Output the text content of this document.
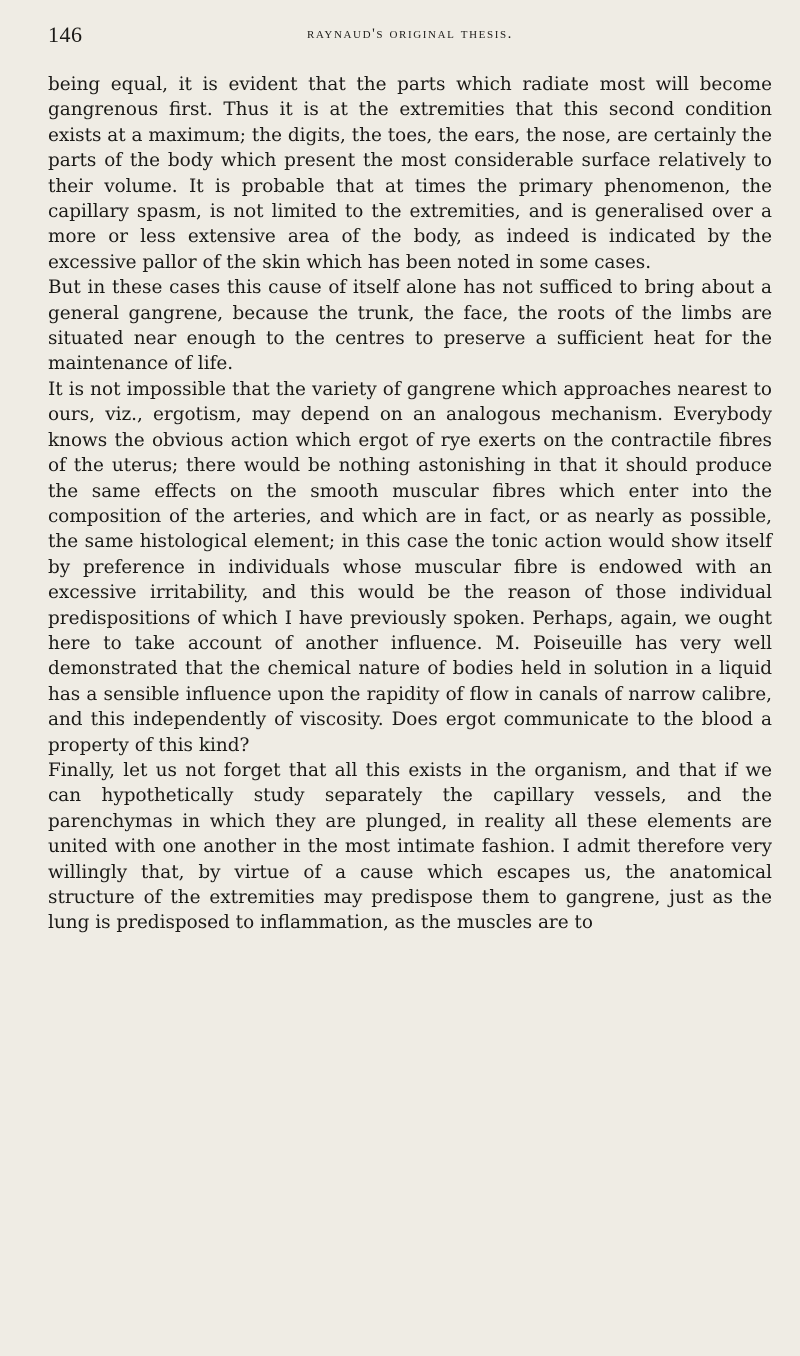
146	raynaud's original thesis.

being equal, it is evident that the parts which radiate most will become gangrenous first. Thus it is at the extremities that this second condition exists at a maximum; the digits, the toes, the ears, the nose, are certainly the parts of the body which present the most considerable surface relatively to their volume. It is probable that at times the primary phenomenon, the capillary spasm, is not limited to the extremities, and is generalised over a more or less extensive area of the body, as indeed is indicated by the excessive pallor of the skin which has been noted in some cases.

But in these cases this cause of itself alone has not sufficed to bring about a general gangrene, because the trunk, the face, the roots of the limbs are situated near enough to the centres to preserve a sufficient heat for the maintenance of life.

It is not impossible that the variety of gangrene which approaches nearest to ours, viz., ergotism, may depend on an analogous mechanism. Everybody knows the obvious action which ergot of rye exerts on the contractile fibres of the uterus; there would be nothing astonishing in that it should produce the same effects on the smooth muscular fibres which enter into the composition of the arteries, and which are in fact, or as nearly as possible, the same histological element; in this case the tonic action would show itself by preference in individuals whose muscular fibre is endowed with an excessive irritability, and this would be the reason of those individual predispositions of which I have previously spoken. Perhaps, again, we ought here to take account of another influence. M. Poiseuille has very well demonstrated that the chemical nature of bodies held in solution in a liquid has a sensible influence upon the rapidity of flow in canals of narrow calibre, and this independently of viscosity. Does ergot communicate to the blood a property of this kind?

Finally, let us not forget that all this exists in the organism, and that if we can hypothetically study separately the capillary vessels, and the parenchymas in which they are plunged, in reality all these elements are united with one another in the most intimate fashion. I admit therefore very willingly that, by virtue of a cause which escapes us, the anatomical structure of the extremities may predispose them to gangrene, just as the lung is predisposed to inflammation, as the muscles are to
